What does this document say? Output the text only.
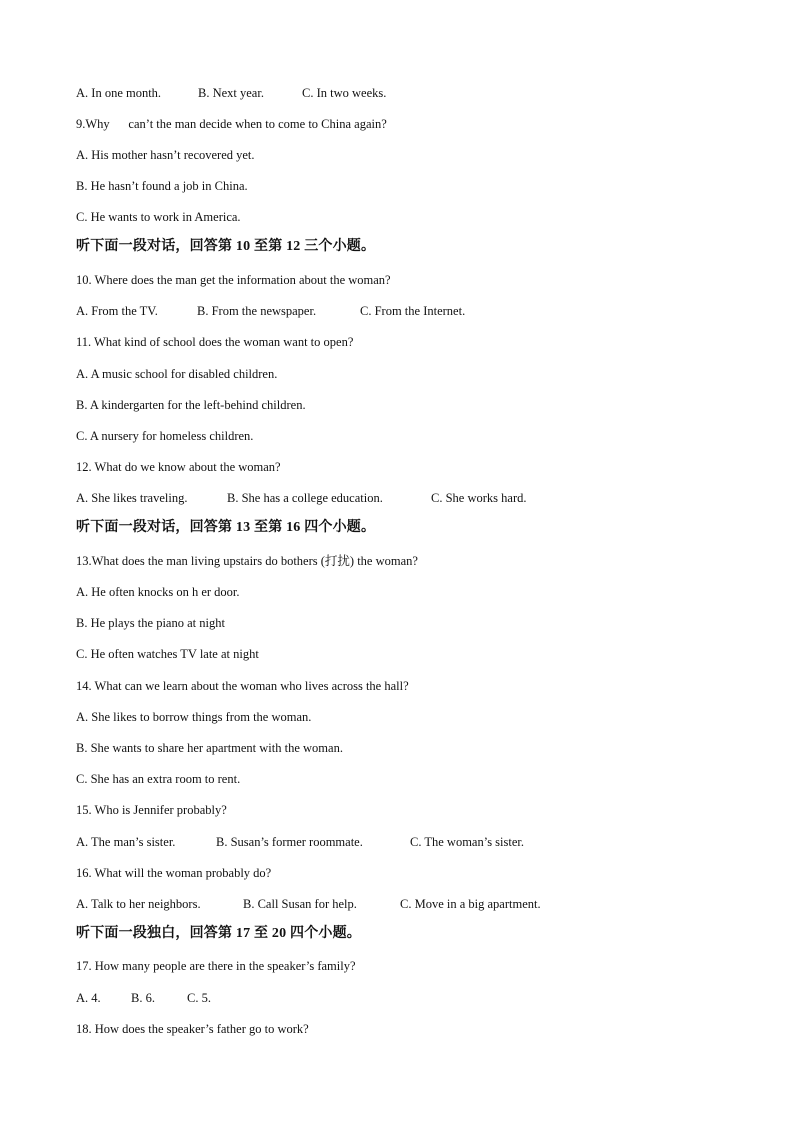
A. In one month.	B. Next year.	C. In two weeks.
9.Why      can’t the man decide when to come to China again?
A. His mother hasn’t recovered yet.
B. He hasn’t found a job in China.
C. He wants to work in America.
听下面一段对话，回答第 10 至第 12 三个小题。
10. Where does the man get the information about the woman?
A. From the TV.	B. From the newspaper.	C. From the Internet.
11. What kind of school does the woman want to open?
A. A music school for disabled children.
B. A kindergarten for the left-behind children.
C. A nursery for homeless children.
12. What do we know about the woman?
A. She likes traveling.	B. She has a college education.	C. She works hard.
听下面一段对话，回答第 13 至第 16 四个小题。
13.What does the man living upstairs do bothers (打扰) the woman?
A. He often knocks on h er door.
B. He plays the piano at night
C. He often watches TV late at night
14. What can we learn about the woman who lives across the hall?
A. She likes to borrow things from the woman.
B. She wants to share her apartment with the woman.
C. She has an extra room to rent.
15. Who is Jennifer probably?
A. The man’s sister.	B. Susan’s former roommate.	C. The woman’s sister.
16. What will the woman probably do?
A. Talk to her neighbors.	B. Call Susan for help.	C. Move in a big apartment.
听下面一段独白，回答第 17 至 20 四个小题。
17. How many people are there in the speaker’s family?
A. 4. B. 6.	C. 5.
18. How does the speaker’s father go to work?
